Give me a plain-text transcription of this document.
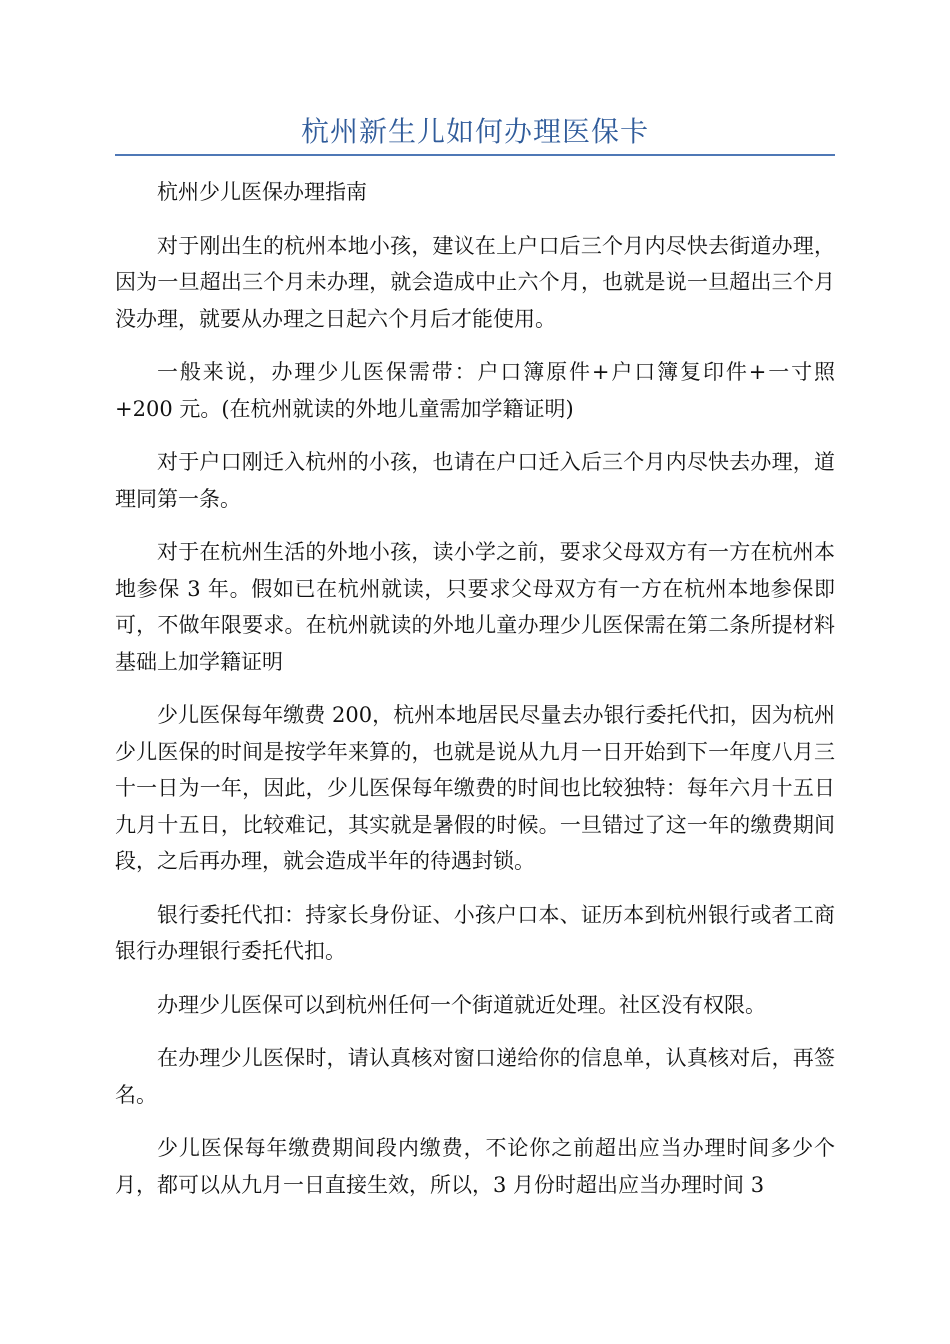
杭州新生儿如何办理医保卡

杭州少儿医保办理指南

对于刚出生的杭州本地小孩，建议在上户口后三个月内尽快去街道办理，因为一旦超出三个月未办理，就会造成中止六个月，也就是说一旦超出三个月没办理，就要从办理之日起六个月后才能使用。

一般来说，办理少儿医保需带：户口簿原件+户口簿复印件+一寸照+200 元。(在杭州就读的外地儿童需加学籍证明)

对于户口刚迁入杭州的小孩，也请在户口迁入后三个月内尽快去办理，道理同第一条。

对于在杭州生活的外地小孩，读小学之前，要求父母双方有一方在杭州本地参保 3 年。假如已在杭州就读，只要求父母双方有一方在杭州本地参保即可，不做年限要求。在杭州就读的外地儿童办理少儿医保需在第二条所提材料基础上加学籍证明

少儿医保每年缴费 200，杭州本地居民尽量去办银行委托代扣，因为杭州少儿医保的时间是按学年来算的，也就是说从九月一日开始到下一年度八月三十一日为一年，因此，少儿医保每年缴费的时间也比较独特：每年六月十五日九月十五日，比较难记，其实就是暑假的时候。一旦错过了这一年的缴费期间段，之后再办理，就会造成半年的待遇封锁。

银行委托代扣：持家长身份证、小孩户口本、证历本到杭州银行或者工商银行办理银行委托代扣。

办理少儿医保可以到杭州任何一个街道就近处理。社区没有权限。

在办理少儿医保时，请认真核对窗口递给你的信息单，认真核对后，再签名。

少儿医保每年缴费期间段内缴费，不论你之前超出应当办理时间多少个月，都可以从九月一日直接生效，所以，3 月份时超出应当办理时间 3
